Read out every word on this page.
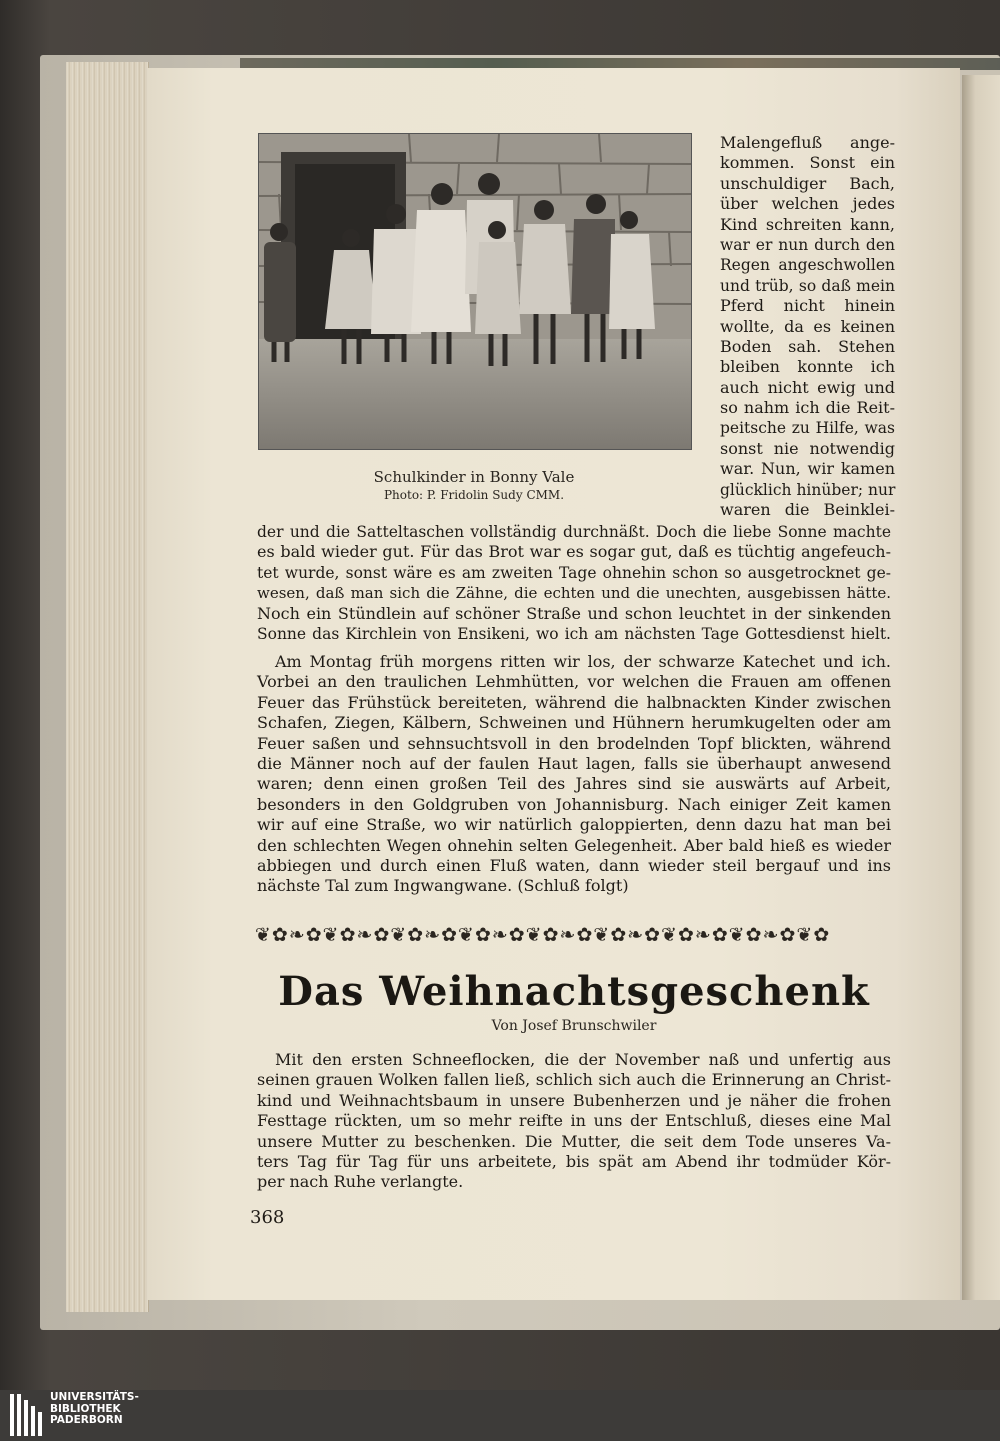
Schulkinder in Bonny Vale
Photo: P. Fridolin Sudy CMM.
Malengefluß ange-
kommen. Sonst ein
unschuldiger Bach,
über welchen jedes
Kind schreiten kann,
war er nun durch den
Regen angeschwollen
und trüb, so daß mein
Pferd nicht hinein
wollte, da es keinen
Boden sah. Stehen
bleiben konnte ich
auch nicht ewig und
so nahm ich die Reit-
peitsche zu Hilfe, was
sonst nie notwendig
war. Nun, wir kamen
glücklich hinüber; nur
waren die Beinklei-
der und die Satteltaschen vollständig durchnäßt. Doch die liebe Sonne machte
es bald wieder gut. Für das Brot war es sogar gut, daß es tüchtig angefeuch-
tet wurde, sonst wäre es am zweiten Tage ohnehin schon so ausgetrocknet ge-
wesen, daß man sich die Zähne, die echten und die unechten, ausgebissen hätte.
Noch ein Stündlein auf schöner Straße und schon leuchtet in der sinkenden
Sonne das Kirchlein von Ensikeni, wo ich am nächsten Tage Gottesdienst hielt.
Am Montag früh morgens ritten wir los, der schwarze Katechet und ich.
Vorbei an den traulichen Lehmhütten, vor welchen die Frauen am offenen
Feuer das Frühstück bereiteten, während die halbnackten Kinder zwischen
Schafen, Ziegen, Kälbern, Schweinen und Hühnern herumkugelten oder am
Feuer saßen und sehnsuchtsvoll in den brodelnden Topf blickten, während
die Männer noch auf der faulen Haut lagen, falls sie überhaupt anwesend
waren; denn einen großen Teil des Jahres sind sie auswärts auf Arbeit,
besonders in den Goldgruben von Johannisburg. Nach einiger Zeit kamen
wir auf eine Straße, wo wir natürlich galoppierten, denn dazu hat man bei
den schlechten Wegen ohnehin selten Gelegenheit. Aber bald hieß es wieder
abbiegen und durch einen Fluß waten, dann wieder steil bergauf und ins
nächste Tal zum Ingwangwane. (Schluß folgt)
❦✿❧✿❦✿❧✿❦✿❧✿❦✿❧✿❦✿❧✿❦✿❧✿❦✿❧✿❦✿❧✿❦✿
Das Weihnachtsgeschenk
Von Josef Brunschwiler
Mit den ersten Schneeflocken, die der November naß und unfertig aus
seinen grauen Wolken fallen ließ, schlich sich auch die Erinnerung an Christ-
kind und Weihnachtsbaum in unsere Bubenherzen und je näher die frohen
Festtage rückten, um so mehr reifte in uns der Entschluß, dieses eine Mal
unsere Mutter zu beschenken. Die Mutter, die seit dem Tode unseres Va-
ters Tag für Tag für uns arbeitete, bis spät am Abend ihr todmüder Kör-
per nach Ruhe verlangte.
368
UNIVERSITÄTS-
BIBLIOTHEK
PADERBORN
